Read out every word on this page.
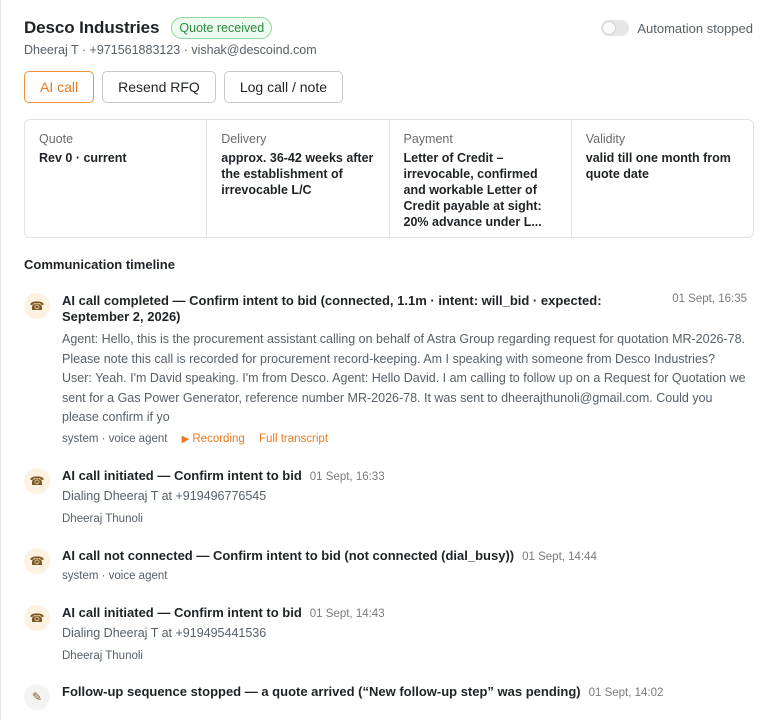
Desco Industries	Quote received	Automation stopped
Dheeraj T · +971561883123 · vishak@descoind.com
AI call	Resend RFQ	Log call / note
Quote
Rev 0 · current
Delivery
approx. 36-42 weeks after the establishment of irrevocable L/C
Payment
Letter of Credit – irrevocable, confirmed and workable Letter of Credit payable at sight: 20% advance under L...
Validity
valid till one month from quote date
Communication timeline
☎	AI call completed — Confirm intent to bid (connected, 1.1m · intent: will_bid · expected: September 2, 2026)
Agent: Hello, this is the procurement assistant calling on behalf of Astra Group regarding request for quotation MR-2026-78. Please note this call is recorded for procurement record-keeping. Am I speaking with someone from Desco Industries? User: Yeah. I'm David speaking. I'm from Desco. Agent: Hello David. I am calling to follow up on a Request for Quotation we sent for a Gas Power Generator, reference number MR-2026-78. It was sent to dheerajthunoli@gmail.com. Could you please confirm if yo
system · voice agent ▶ Recording Full transcript
01 Sept, 16:35
☎	AI call initiated — Confirm intent to bid 01 Sept, 16:33
Dialing Dheeraj T at +919496776545
Dheeraj Thunoli
☎	AI call not connected — Confirm intent to bid (not connected (dial_busy)) 01 Sept, 14:44
system · voice agent
☎	AI call initiated — Confirm intent to bid 01 Sept, 14:43
Dialing Dheeraj T at +919495441536
Dheeraj Thunoli
✎	Follow-up sequence stopped — a quote arrived (“New follow-up step” was pending) 01 Sept, 14:02
